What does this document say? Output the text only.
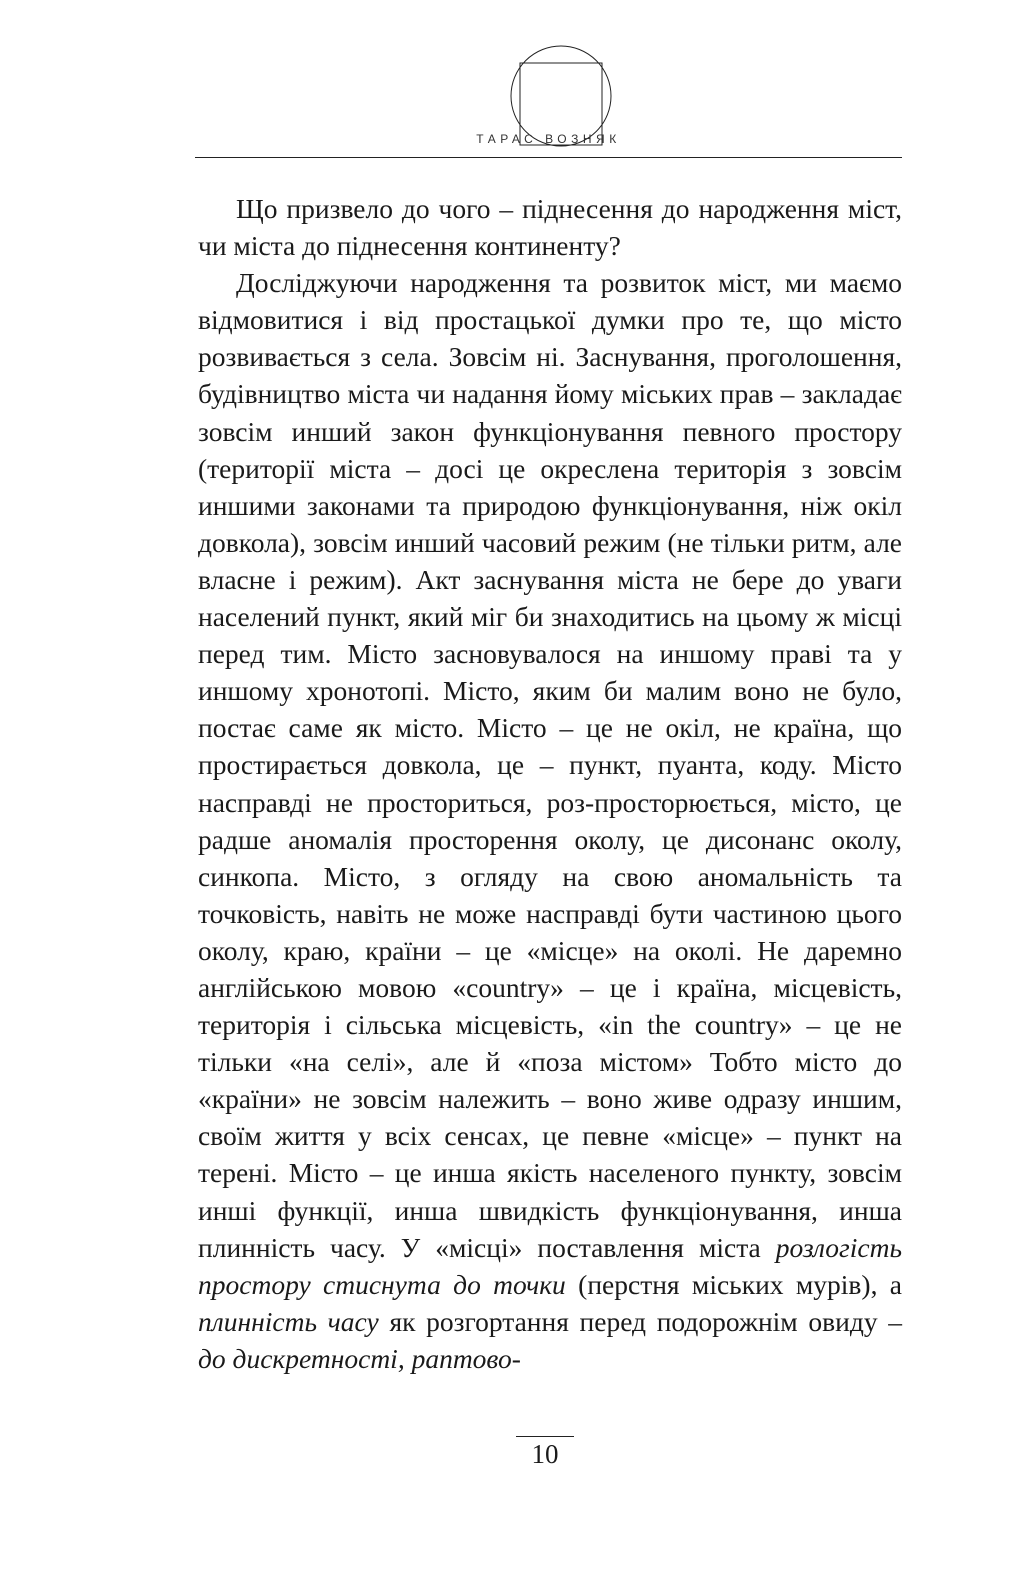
ТАРАС ВОЗНЯК

Що призвело до чого – піднесення до народження міст, чи міста до піднесення континенту?

Досліджуючи народження та розвиток міст, ми маємо відмовитися і від простацької думки про те, що місто розвивається з села. Зовсім ні. Заснування, проголошення, будівництво міста чи надання йому міських прав – закладає зовсім инший закон функціонування певного простору (території міста – досі це окреслена територія з зовсім иншими законами та природою функціонування, ніж окіл довкола), зовсім инший часовий режим (не тільки ритм, але власне і режим). Акт заснування міста не бере до уваги населений пункт, який міг би знаходитись на цьому ж місці перед тим. Місто засновувалося на иншому праві та у иншому хронотопі. Місто, яким би малим воно не було, постає саме як місто. Місто – це не окіл, не країна, що простирається довкола, це – пункт, пуанта, коду. Місто насправді не просторитьcя, роз-просторюється, місто, це радше аномалія просторення околу, це дисонанс околу, синкопа. Місто, з огляду на свою аномальність та точковість, навіть не може насправді бути частиною цього околу, краю, країни – це «місце» на околі. Не даремно англійською мовою «country» – це і країна, місцевість, територія і сільська місцевість, «in the country» – це не тільки «на селі», але й «поза містом» Тобто місто до «країни» не зовсім належить – воно живе одразу иншим, своїм життя у всіх сенсах, це певне «місце» – пункт на терені. Місто – це инша якість населеного пункту, зовсім инші функції, инша швидкість функціонування, инша плинність часу. У «місці» поставлення міста розлогість простору стиснута до точки (перстня міських мурів), а плинність часу як розгортання перед подорожнім овиду – до дискретності, раптово-

10
